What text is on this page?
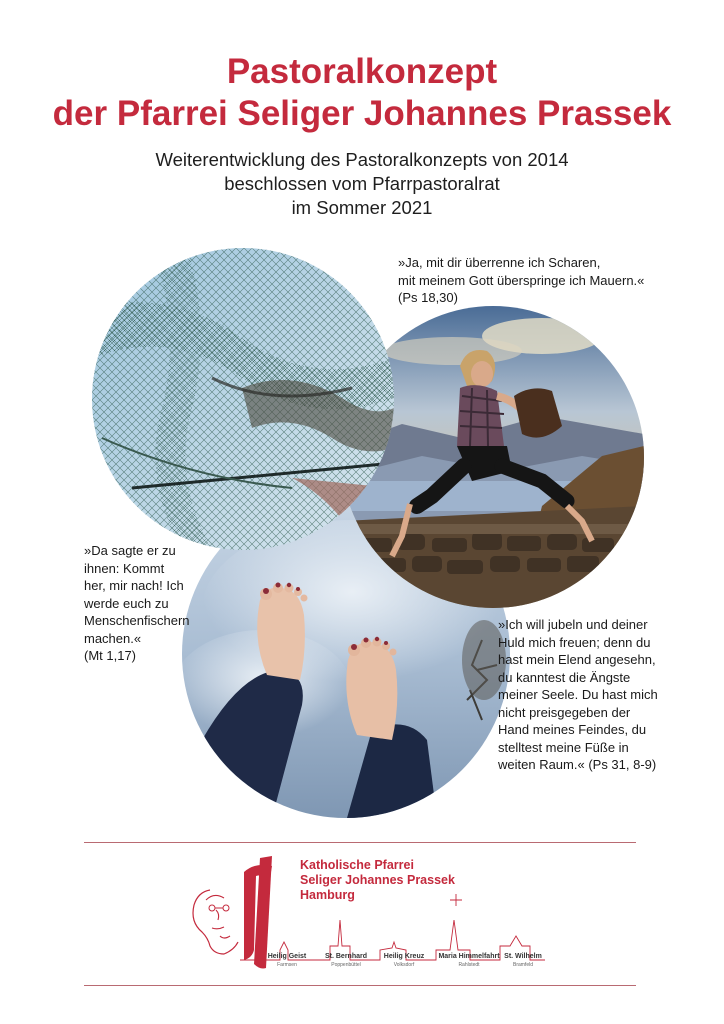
Pastoralkonzept
der Pfarrei Seliger Johannes Prassek
Weiterentwicklung des Pastoralkonzepts von 2014
beschlossen vom Pfarrpastoralrat
im Sommer 2021
»Ja, mit dir überrenne ich Scharen,
mit meinem Gott überspringe ich Mauern.«
(Ps 18,30)
»Da sagte er zu
ihnen: Kommt
her, mir nach! Ich
werde euch zu
Menschenfischern
machen.«
(Mt 1,17)
»Ich will jubeln und deiner
Huld mich freuen; denn du
hast mein Elend angesehn,
du kanntest die Ängste
meiner Seele. Du hast mich
nicht preisgegeben der
Hand meines Feindes, du
stelltest meine Füße in
weiten Raum.« (Ps 31, 8-9)
Katholische Pfarrei
Seliger Johannes Prassek
Hamburg
Heilig Geist
Farmsen
St. Bernhard
Poppenbüttel
Heilig Kreuz
Volksdorf
Maria Himmelfahrt
Rahlstedt
St. Wilhelm
Bramfeld
